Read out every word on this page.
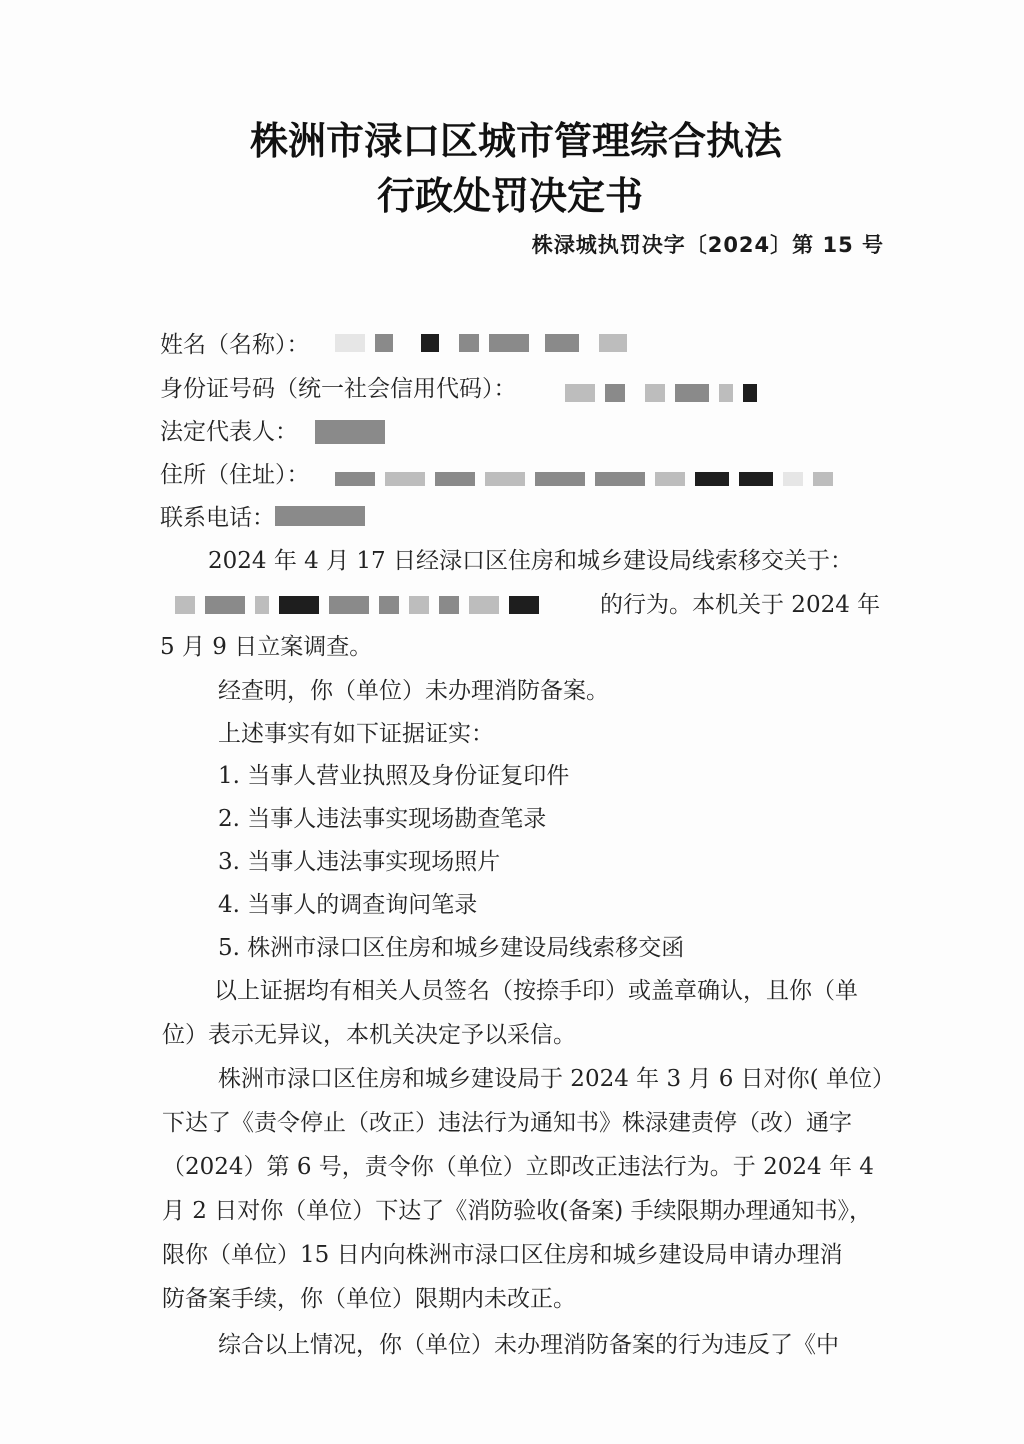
株洲市渌口区城市管理综合执法
行政处罚决定书
株渌城执罚决字〔2024〕第 15 号
姓名（名称）：
身份证号码（统一社会信用代码）：
法定代表人：
住所（住址）：
联系电话：
2024 年 4 月 17 日经渌口区住房和城乡建设局线索移交关于：
的行为。本机关于 2024 年
5 月 9 日立案调查。
经查明，你（单位）未办理消防备案。
上述事实有如下证据证实：
1. 当事人营业执照及身份证复印件
2. 当事人违法事实现场勘查笔录
3. 当事人违法事实现场照片
4. 当事人的调查询问笔录
5. 株洲市渌口区住房和城乡建设局线索移交函
以上证据均有相关人员签名（按捺手印）或盖章确认，且你（单
位）表示无异议，本机关决定予以采信。
株洲市渌口区住房和城乡建设局于 2024 年 3 月 6 日对你( 单位）
下达了《责令停止（改正）违法行为通知书》株渌建责停（改）通字
（2024）第 6 号，责令你（单位）立即改正违法行为。于 2024 年 4
月 2 日对你（单位）下达了《消防验收(备案) 手续限期办理通知书》，
限你（单位）15 日内向株洲市渌口区住房和城乡建设局申请办理消
防备案手续，你（单位）限期内未改正。
综合以上情况，你（单位）未办理消防备案的行为违反了《中
